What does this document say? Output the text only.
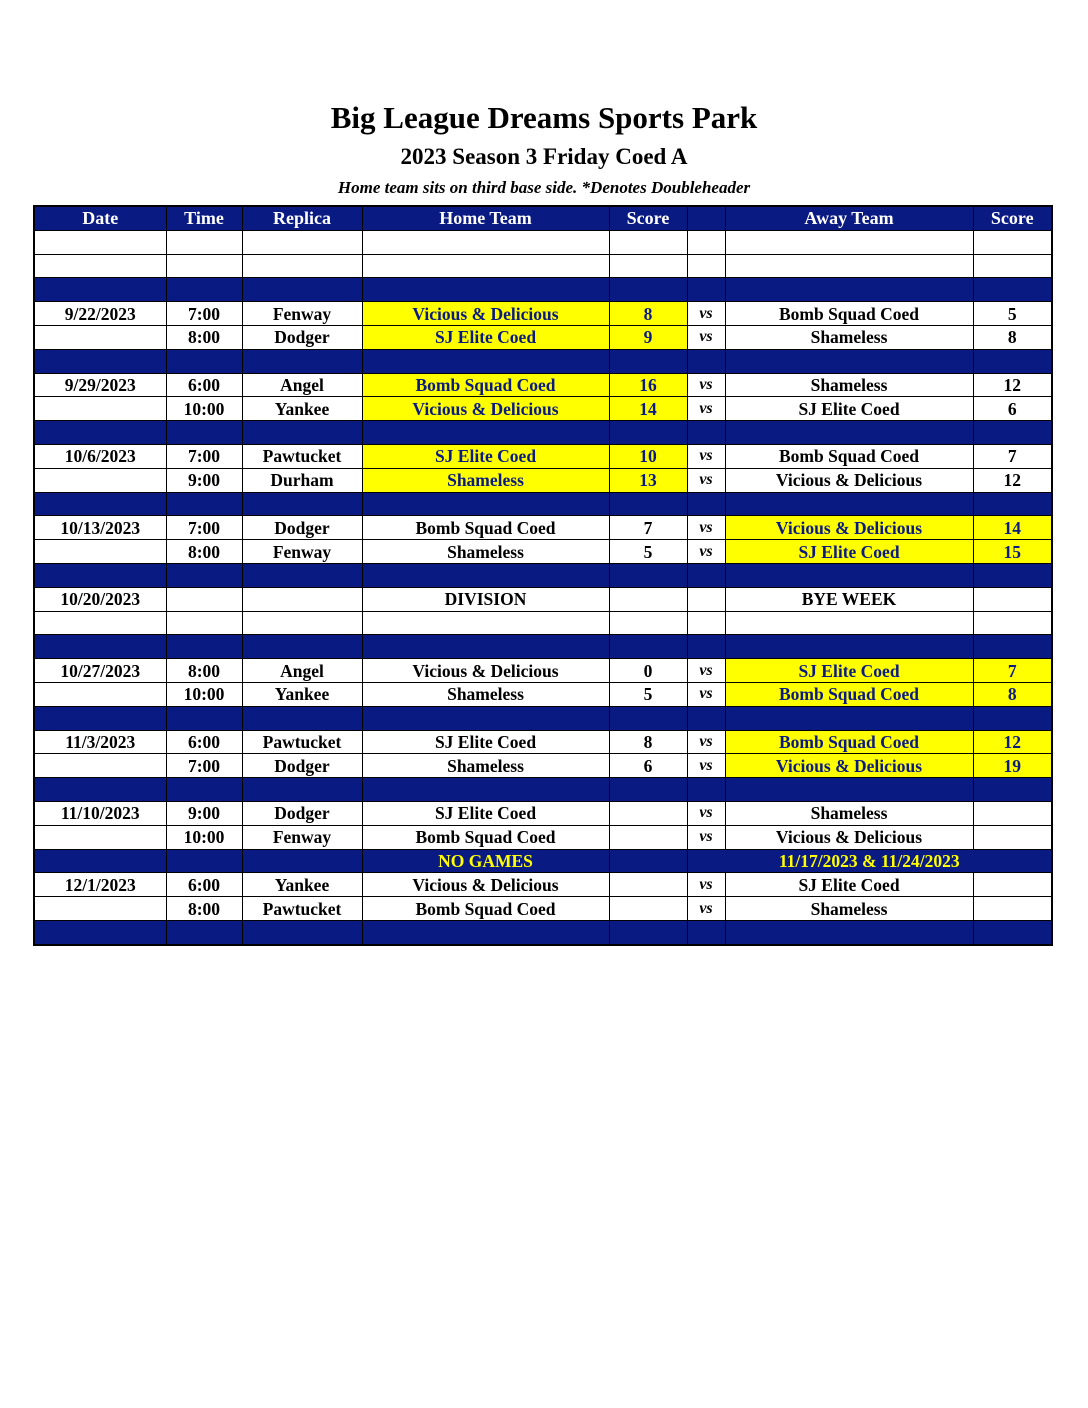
Big League Dreams Sports Park
2023 Season 3 Friday Coed A
Home team sits on third base side. *Denotes Doubleheader
Date	Time	Replica	Home Team	Score		Away Team	Score

9/22/2023	7:00	Fenway	Vicious & Delicious	8	vs	Bomb Squad Coed	5
	8:00	Dodger	SJ Elite Coed	9	vs	Shameless	8

9/29/2023	6:00	Angel	Bomb Squad Coed	16	vs	Shameless	12
	10:00	Yankee	Vicious & Delicious	14	vs	SJ Elite Coed	6

10/6/2023	7:00	Pawtucket	SJ Elite Coed	10	vs	Bomb Squad Coed	7
	9:00	Durham	Shameless	13	vs	Vicious & Delicious	12

10/13/2023	7:00	Dodger	Bomb Squad Coed	7	vs	Vicious & Delicious	14
	8:00	Fenway	Shameless	5	vs	SJ Elite Coed	15

10/20/2023			DIVISION			BYE WEEK	

10/27/2023	8:00	Angel	Vicious & Delicious	0	vs	SJ Elite Coed	7
	10:00	Yankee	Shameless	5	vs	Bomb Squad Coed	8

11/3/2023	6:00	Pawtucket	SJ Elite Coed	8	vs	Bomb Squad Coed	12
	7:00	Dodger	Shameless	6	vs	Vicious & Delicious	19

11/10/2023	9:00	Dodger	SJ Elite Coed		vs	Shameless	
	10:00	Fenway	Bomb Squad Coed		vs	Vicious & Delicious	
			NO GAMES		11/17/2023 & 11/24/2023		
12/1/2023	6:00	Yankee	Vicious & Delicious		vs	SJ Elite Coed	
	8:00	Pawtucket	Bomb Squad Coed		vs	Shameless	
